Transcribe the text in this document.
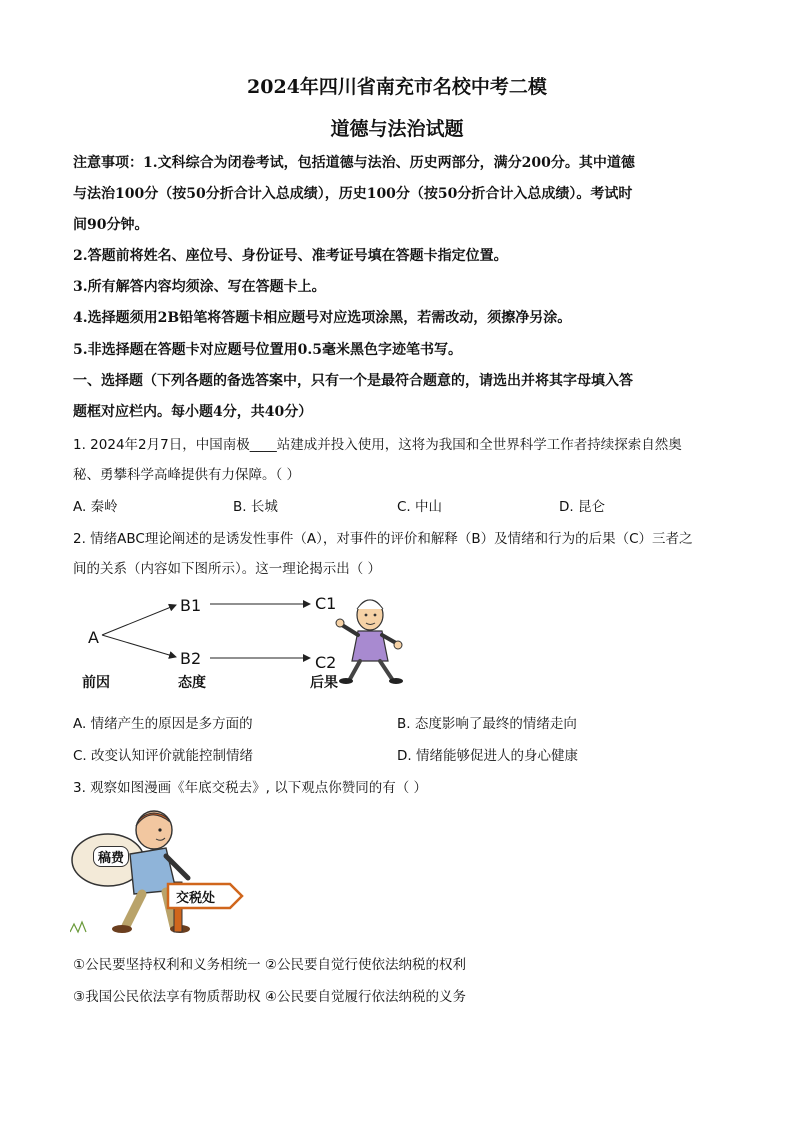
2024年四川省南充市名校中考二模
道德与法治试题
注意事项：1.文科综合为闭卷考试，包括道德与法治、历史两部分，满分200分。其中道德
与法治100分（按50分折合计入总成绩），历史100分（按50分折合计入总成绩）。考试时
间90分钟。
2.答题前将姓名、座位号、身份证号、准考证号填在答题卡指定位置。
3.所有解答内容均须涂、写在答题卡上。
4.选择题须用2B铅笔将答题卡相应题号对应选项涂黑，若需改动，须擦净另涂。
5.非选择题在答题卡对应题号位置用0.5毫米黑色字迹笔书写。
一、选择题（下列各题的备选答案中，只有一个是最符合题意的，请选出并将其字母填入答
题框对应栏内。每小题4分，共40分）
1. 2024年2月7日，中国南极____站建成并投入使用，这将为我国和全世界科学工作者持续探索自然奥
秘、勇攀科学高峰提供有力保障。（ ）
A. 秦岭	B. 长城	C. 中山	D. 昆仑
2. 情绪ABC理论阐述的是诱发性事件（A），对事件的评价和解释（B）及情绪和行为的后果（C）三者之
间的关系（内容如下图所示）。这一理论揭示出（ ）
A
B1
B2
C1
C2
前因	态度	后果
A. 情绪产生的原因是多方面的	B. 态度影响了最终的情绪走向
C. 改变认知评价就能控制情绪	D. 情绪能够促进人的身心健康
3. 观察如图漫画《年底交税去》, 以下观点你赞同的有（ ）
稿费
交税处
①公民要坚持权利和义务相统一 ②公民要自觉行使依法纳税的权利
③我国公民依法享有物质帮助权 ④公民要自觉履行依法纳税的义务
